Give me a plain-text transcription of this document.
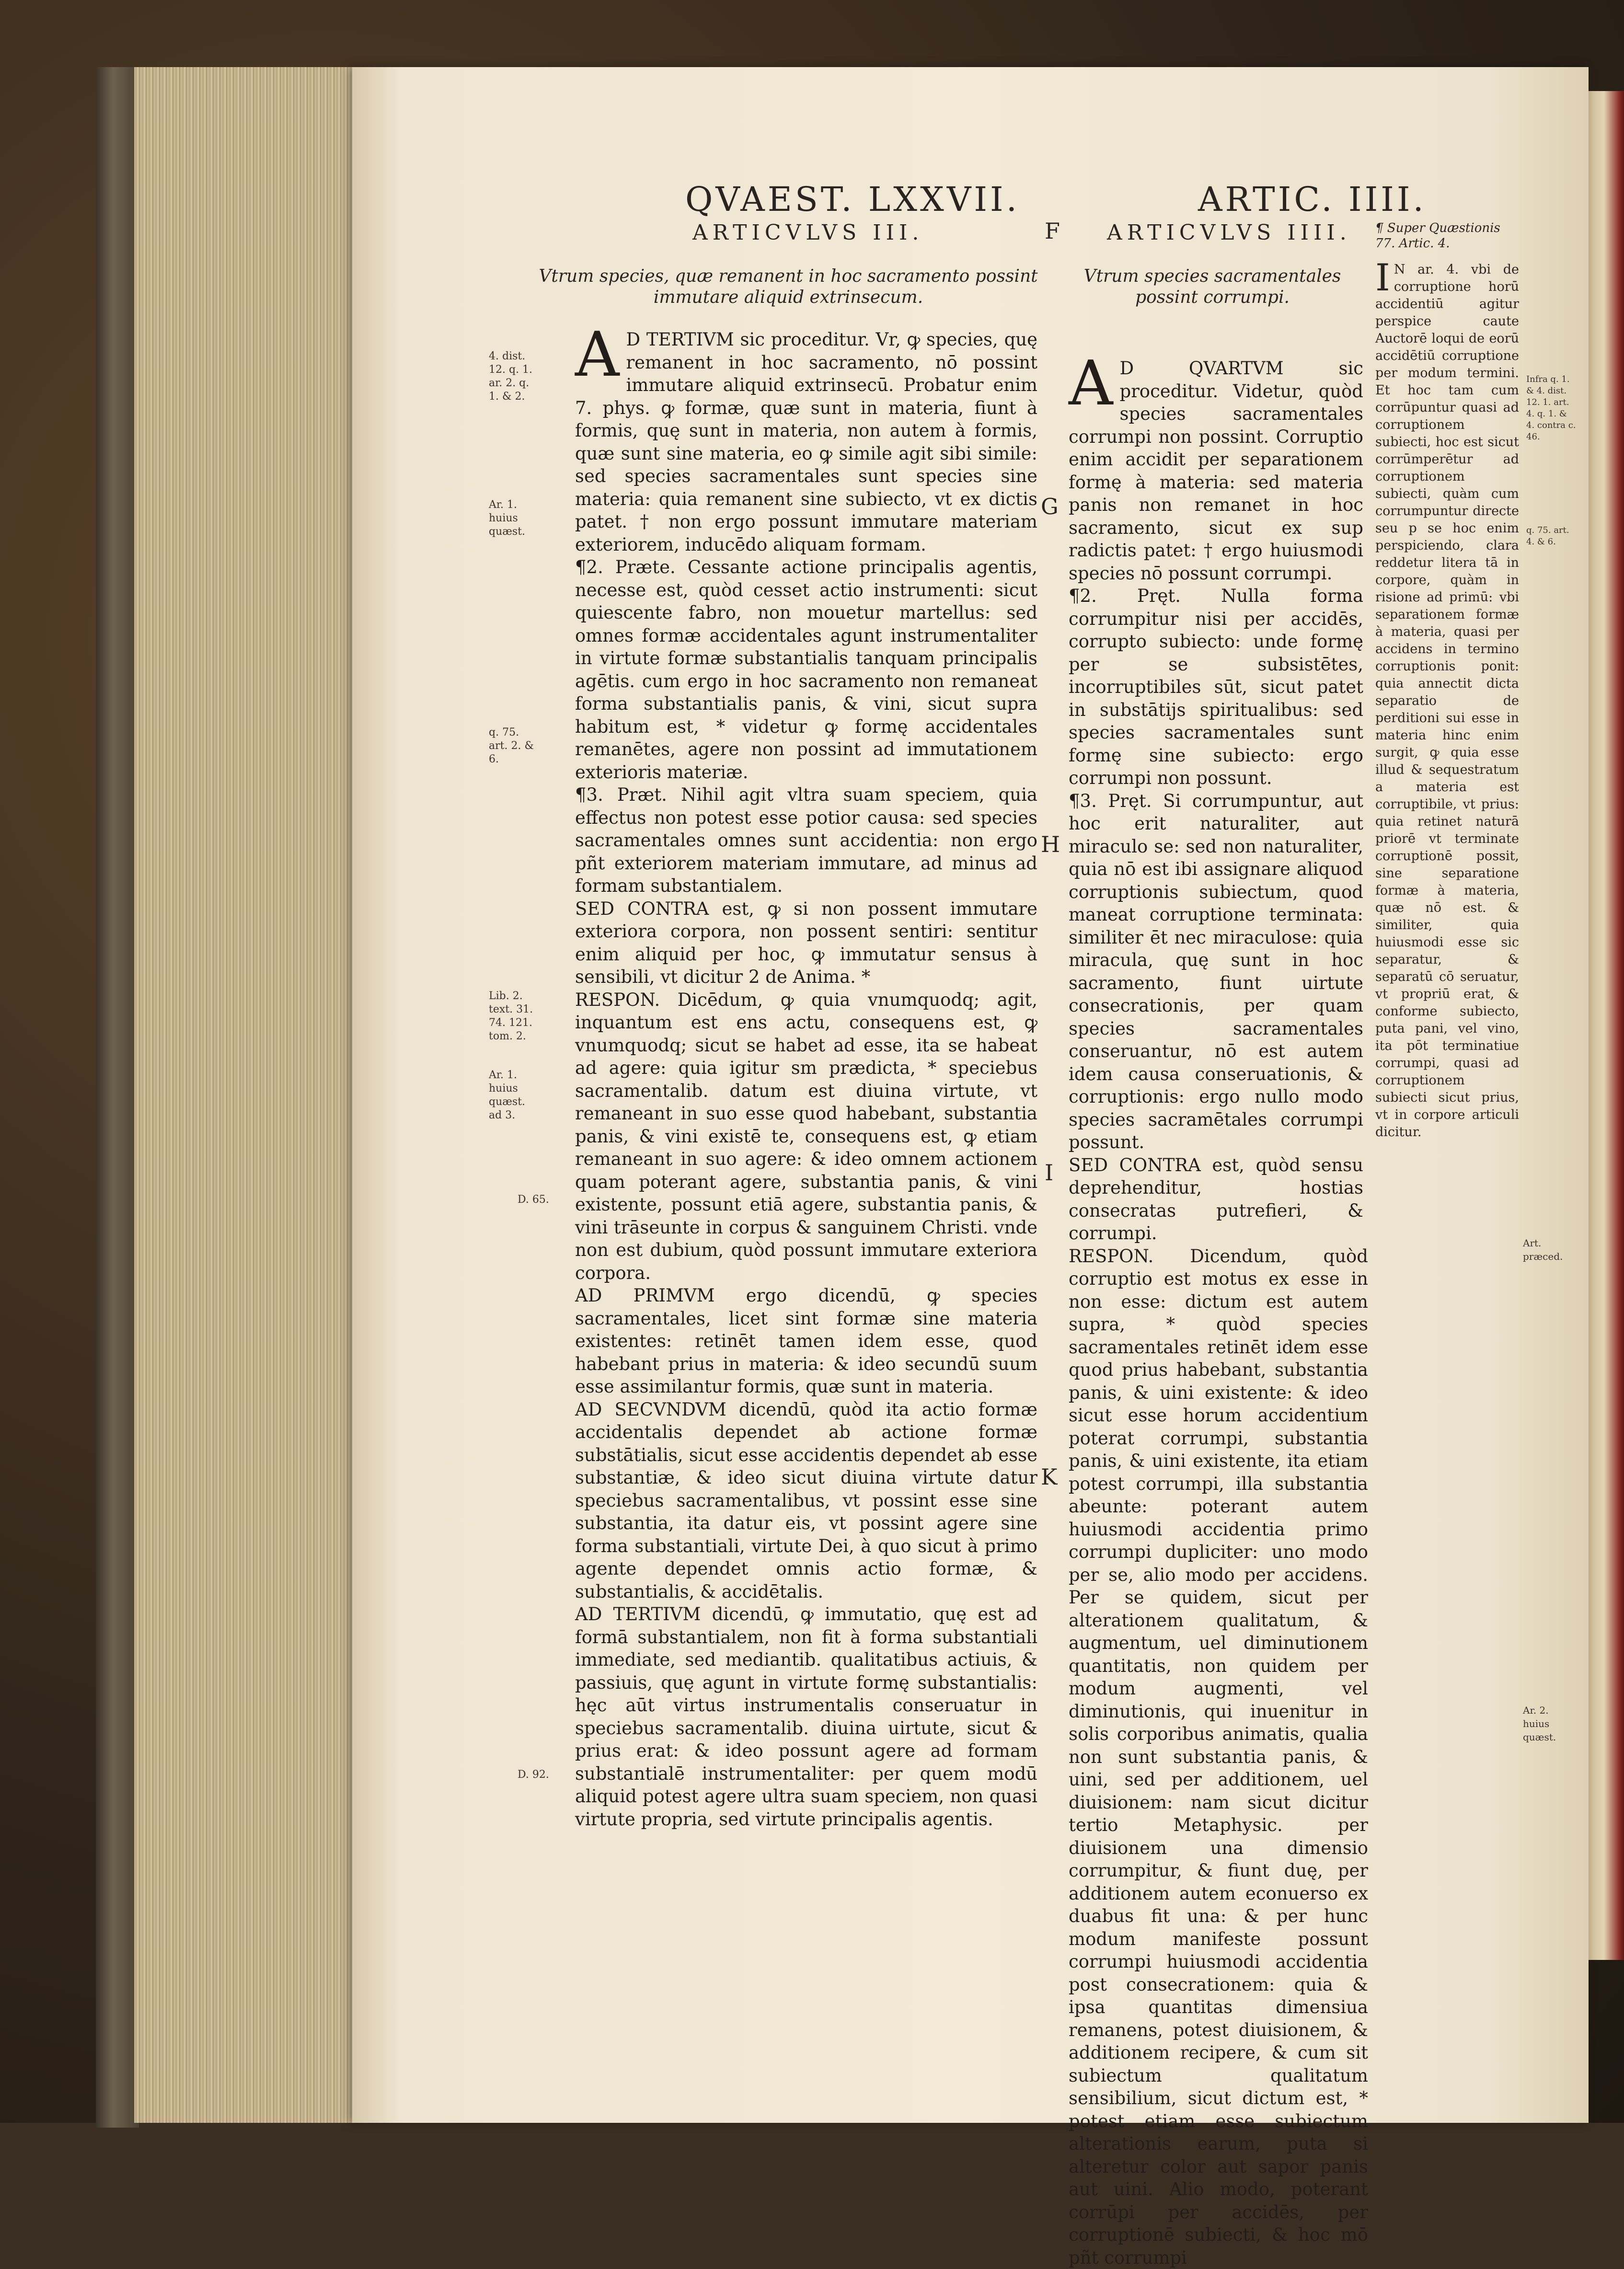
QVAEST. LXXVII.	ARTIC. IIII.
ARTICVLVS III.
Vtrum species, quæ remanent in hoc sacramento possint immutare aliquid extrinsecum.
A D TERTIVM sic proceditur. Vr, ꝙ species, quę remanent in hoc sacramento, nō possint immutare aliquid extrinsecū. Probatur enim 7. phys. ꝙ formæ, quæ sunt in materia, fiunt à formis, quę sunt in materia, non autem à formis, quæ sunt sine materia, eo ꝙ simile agit sibi simile: sed species sacramentales sunt species sine materia: quia remanent sine subiecto, vt ex dictis patet. † non ergo possunt immutare materiam exteriorem, inducēdo aliquam formam.

¶2. Præte. Cessante actione principalis agentis, necesse est, quòd cesset actio instrumenti: sicut quiescente fabro, non mouetur martellus: sed omnes formæ accidentales agunt instrumentaliter in virtute formæ substantialis tanquam principalis agētis. cum ergo in hoc sacramento non remaneat forma substantialis panis, & vini, sicut supra habitum est, * videtur ꝙ formę accidentales remanētes, agere non possint ad immutationem exterioris materiæ.

¶3. Præt. Nihil agit vltra suam speciem, quia effectus non potest esse potior causa: sed species sacramentales omnes sunt accidentia: non ergo pñt exteriorem materiam immutare, ad minus ad formam substantialem.

SED CONTRA est, ꝙ si non possent immutare exteriora corpora, non possent sentiri: sentitur enim aliquid per hoc, ꝙ immutatur sensus à sensibili, vt dicitur 2 de Anima. *

RESPON. Dicēdum, ꝙ quia vnumquodq; agit, inquantum est ens actu, consequens est, ꝙ vnumquodq; sicut se habet ad esse, ita se habeat ad agere: quia igitur sm prædicta, * speciebus sacramentalib. datum est diuina virtute, vt remaneant in suo esse quod habebant, substantia panis, & vini existē te, consequens est, ꝙ etiam remaneant in suo agere: & ideo omnem actionem quam poterant agere, substantia panis, & vini existente, possunt etiā agere, substantia panis, & vini trāseunte in corpus & sanguinem Christi. vnde non est dubium, quòd possunt immutare exteriora corpora.

AD PRIMVM ergo dicendū, ꝙ species sacramentales, licet sint formæ sine materia existentes: retinēt tamen idem esse, quod habebant prius in materia: & ideo secundū suum esse assimilantur formis, quæ sunt in materia.

AD SECVNDVM dicendū, quòd ita actio formæ accidentalis dependet ab actione formæ substātialis, sicut esse accidentis dependet ab esse substantiæ, & ideo sicut diuina virtute datur speciebus sacramentalibus, vt possint esse sine substantia, ita datur eis, vt possint agere sine forma substantiali, virtute Dei, à quo sicut à primo agente dependet omnis actio formæ, & substantialis, & accidētalis.

AD TERTIVM dicendū, ꝙ immutatio, quę est ad formā substantialem, non fit à forma substantiali immediate, sed mediantib. qualitatibus actiuis, & passiuis, quę agunt in virtute formę substantialis: hęc aūt virtus instrumentalis conseruatur in speciebus sacramentalib. diuina uirtute, sicut & prius erat: & ideo possunt agere ad formam substantialē instrumentaliter: per quem modū aliquid potest agere ultra suam speciem, non quasi virtute propria, sed virtute principalis agentis.

4. dist. 12. q. 1. ar. 2. q. 1. & 2.
Ar. 1. huius quæst.
q. 75. art. 2. & 6.
Lib. 2. text. 31. 74. 121. tom. 2.
Ar. 1. huius quæst. ad 3.
D. 65.
D. 92.
F
G
H
I
K
ARTICVLVS IIII.
Vtrum species sacramentales possint corrumpi.
A D QVARTVM sic proceditur. Videtur, quòd species sacramentales corrumpi non possint. Corruptio enim accidit per separationem formę à materia: sed materia panis non remanet in hoc sacramento, sicut ex sup radictis patet: † ergo huiusmodi species nō possunt corrumpi.

¶2. Pręt. Nulla forma corrumpitur nisi per accidēs, corrupto subiecto: unde formę per se subsistētes, incorruptibiles sūt, sicut patet in substātijs spiritualibus: sed species sacramentales sunt formę sine subiecto: ergo corrumpi non possunt.

¶3. Pręt. Si corrumpuntur, aut hoc erit naturaliter, aut miraculo se: sed non naturaliter, quia nō est ibi assignare aliquod corruptionis subiectum, quod maneat corruptione terminata: similiter ēt nec miraculose: quia miracula, quę sunt in hoc sacramento, fiunt uirtute consecrationis, per quam species sacramentales conseruantur, nō est autem idem causa conseruationis, & corruptionis: ergo nullo modo species sacramētales corrumpi possunt.

SED CONTRA est, quòd sensu deprehenditur, hostias consecratas putrefieri, & corrumpi.

RESPON. Dicendum, quòd corruptio est motus ex esse in non esse: dictum est autem supra, * quòd species sacramentales retinēt idem esse quod prius habebant, substantia panis, & uini existente: & ideo sicut esse horum accidentium poterat corrumpi, substantia panis, & uini existente, ita etiam potest corrumpi, illa substantia abeunte: poterant autem huiusmodi accidentia primo corrumpi dupliciter: uno modo per se, alio modo per accidens. Per se quidem, sicut per alterationem qualitatum, & augmentum, uel diminutionem quantitatis, non quidem per modum augmenti, vel diminutionis, qui inuenitur in solis corporibus animatis, qualia non sunt substantia panis, & uini, sed per additionem, uel diuisionem: nam sicut dicitur tertio Metaphysic. per diuisionem una dimensio corrumpitur, & fiunt duę, per additionem autem econuerso ex duabus fit una: & per hunc modum manifeste possunt corrumpi huiusmodi accidentia post consecrationem: quia & ipsa quantitas dimensiua remanens, potest diuisionem, & additionem recipere, & cum sit subiectum qualitatum sensibilium, sicut dictum est, * potest etiam esse subiectum alterationis earum, puta si alteretur color aut sapor panis aut uini. Alio modo, poterant corrūpi per accidēs, per corruptionē subiecti, & hoc mō pñt corrumpi

¶ Super Quæstionis 77. Artic. 4.
I N ar. 4. vbi de corruptione horū accidentiū agitur perspice caute Auctorē loqui de eorū accidētiū corruptione per modum termini. Et hoc tam cum corrūpuntur quasi ad corruptionem subiecti, hoc est sicut corrūmperētur ad corruptionem subiecti, quàm cum corrumpuntur directe seu p se hoc enim perspiciendo, clara reddetur litera tā in corpore, quàm in risione ad primū: vbi separationem formæ à materia, quasi per accidens in termino corruptionis ponit: quia annectit dicta separatio de perditioni sui esse in materia hinc enim surgit, ꝙ quia esse illud & sequestratum a materia est corruptibile, vt prius: quia retinet naturā priorē vt terminate corruptionē possit, sine separatione formæ à materia, quæ nō est. & similiter, quia huiusmodi esse sic separatur, & separatū cō seruatur, vt propriū erat, & conforme subiecto, puta pani, vel vino, ita pōt terminatiue corrumpi, quasi ad corruptionem subiecti sicut prius, vt in corpore articuli dicitur.
Infra q. 1. & 4. dist. 12. 1. art. 4. q. 1. & 4. contra c. 46.
q. 75. art. 4. & 6.
Art. præced.
Ar. 2. huius quæst.
